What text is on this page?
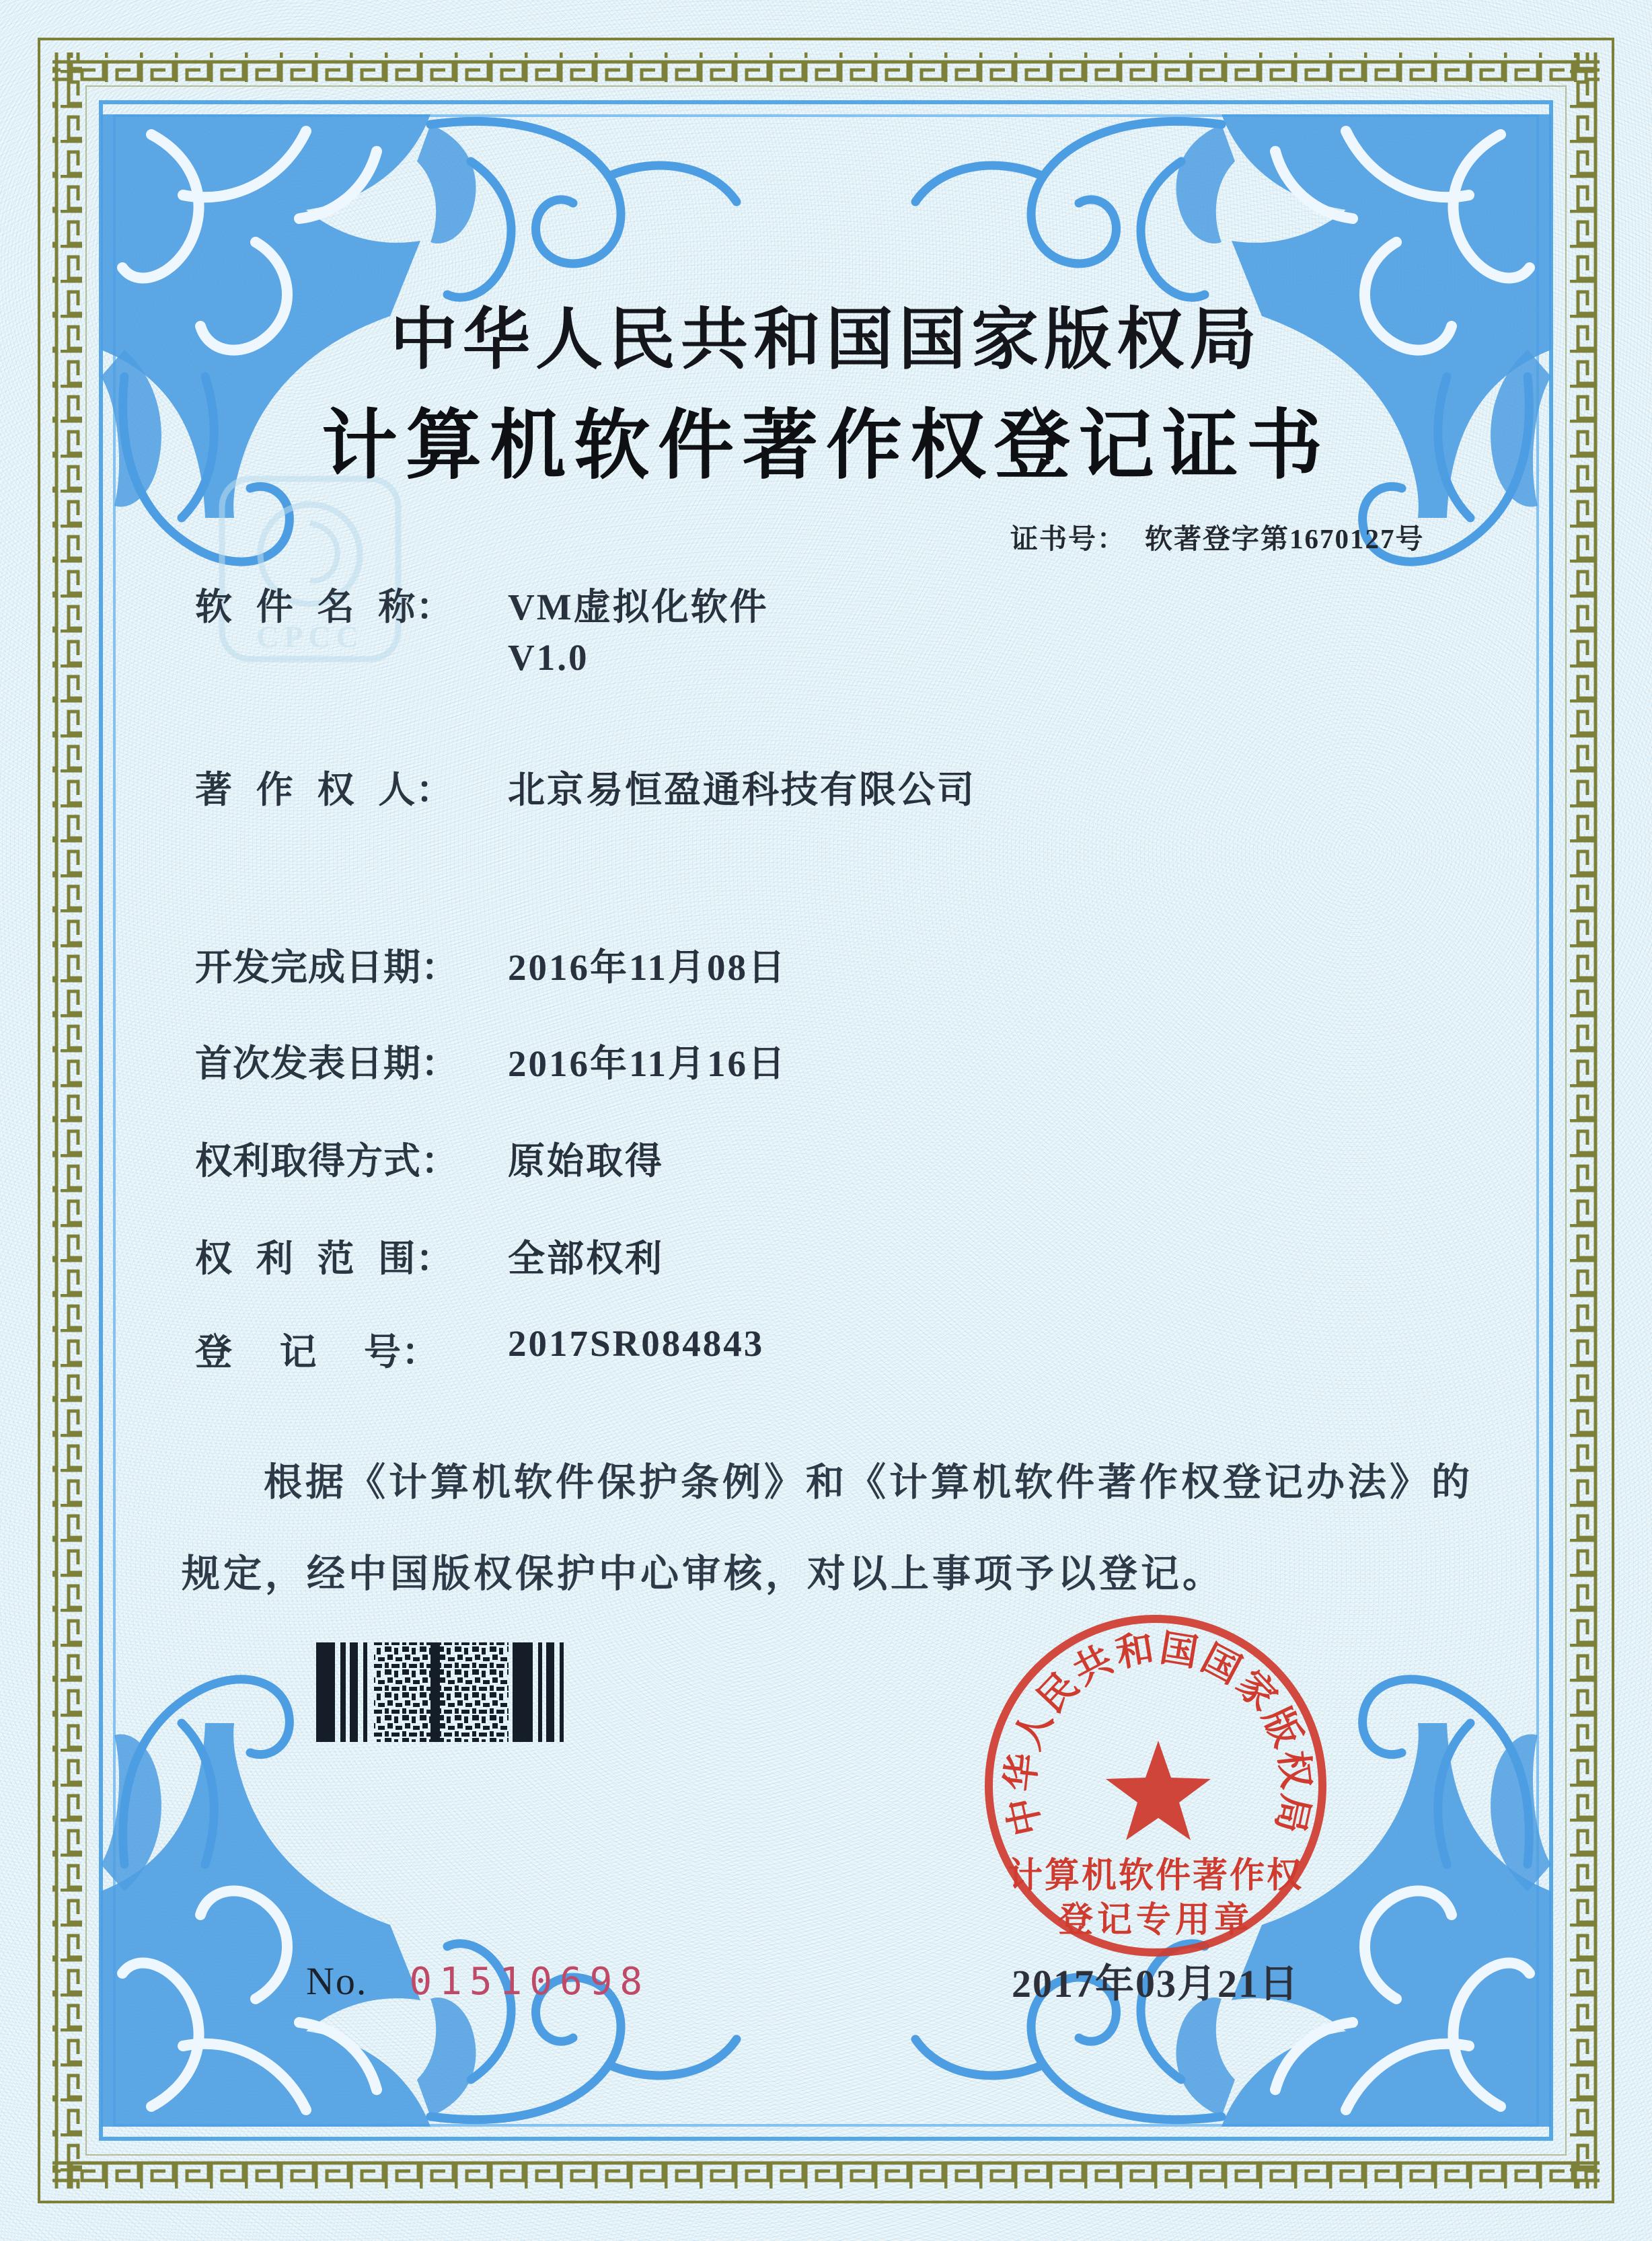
CPCC
中华人民共和国国家版权局
计算机软件著作权
登记专用章
中华人民共和国国家版权局
计算机软件著作权登记证书
证书号： 软著登字第1670127号
软 件 名 称： VM虚拟化软件
V1.0
著 作 权 人： 北京易恒盈通科技有限公司
开发完成日期： 2016年11月08日
首次发表日期： 2016年11月16日
权利取得方式： 原始取得
权 利 范 围： 全部权利
登  记  号： 2017SR084843
根据《计算机软件保护条例》和《计算机软件著作权登记办法》的
规定，经中国版权保护中心审核，对以上事项予以登记。
2017年03月21日
No. 01510698
